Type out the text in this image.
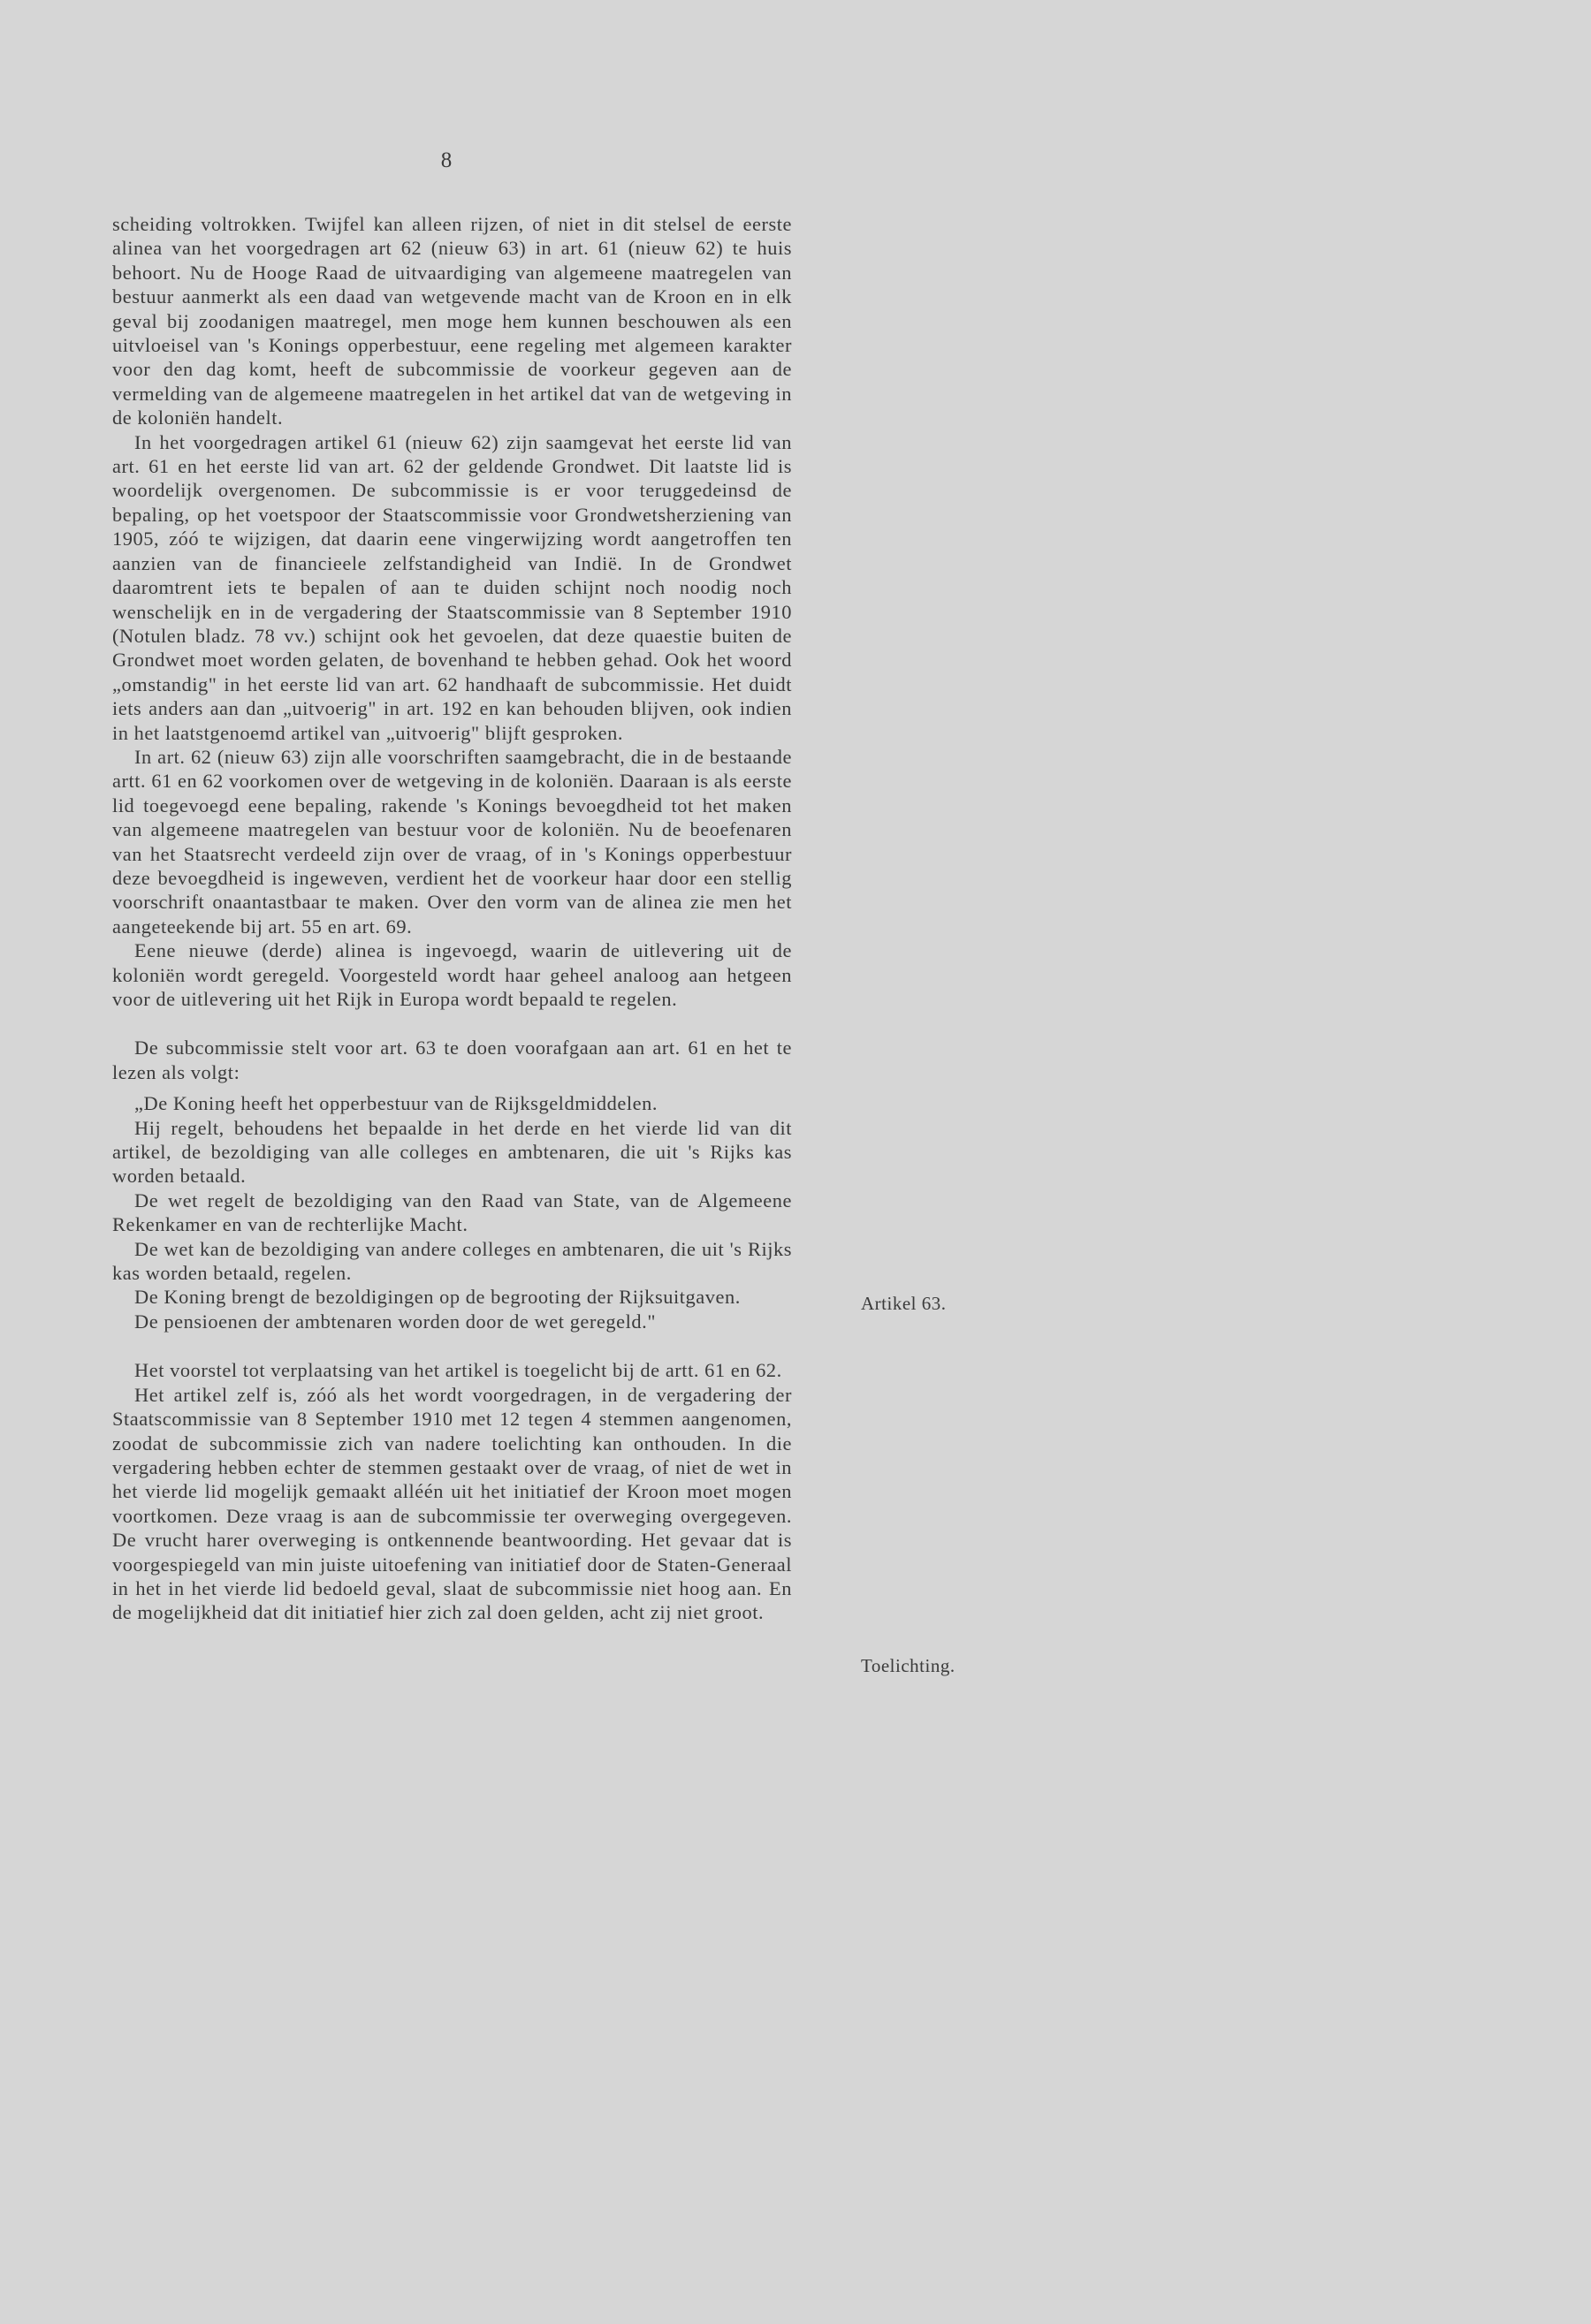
8

scheiding voltrokken. Twijfel kan alleen rijzen, of niet in dit stelsel de eerste alinea van het voorgedragen art 62 (nieuw 63) in art. 61 (nieuw 62) te huis behoort. Nu de Hooge Raad de uitvaardiging van algemeene maatregelen van bestuur aanmerkt als een daad van wetgevende macht van de Kroon en in elk geval bij zoodanigen maatregel, men moge hem kunnen beschouwen als een uitvloeisel van 's Konings opperbestuur, eene regeling met algemeen karakter voor den dag komt, heeft de subcommissie de voorkeur gegeven aan de vermelding van de algemeene maatregelen in het artikel dat van de wetgeving in de koloniën handelt.

In het voorgedragen artikel 61 (nieuw 62) zijn saamgevat het eerste lid van art. 61 en het eerste lid van art. 62 der geldende Grondwet. Dit laatste lid is woordelijk overgenomen. De subcommissie is er voor teruggedeinsd de bepaling, op het voetspoor der Staatscommissie voor Grondwetsherziening van 1905, zóó te wijzigen, dat daarin eene vingerwijzing wordt aangetroffen ten aanzien van de financieele zelfstandigheid van Indië. In de Grondwet daaromtrent iets te bepalen of aan te duiden schijnt noch noodig noch wenschelijk en in de vergadering der Staatscommissie van 8 September 1910 (Notulen bladz. 78 vv.) schijnt ook het gevoelen, dat deze quaestie buiten de Grondwet moet worden gelaten, de bovenhand te hebben gehad. Ook het woord „omstandig" in het eerste lid van art. 62 handhaaft de subcommissie. Het duidt iets anders aan dan „uitvoerig" in art. 192 en kan behouden blijven, ook indien in het laatstgenoemd artikel van „uitvoerig" blijft gesproken.

In art. 62 (nieuw 63) zijn alle voorschriften saamgebracht, die in de bestaande artt. 61 en 62 voorkomen over de wetgeving in de koloniën. Daaraan is als eerste lid toegevoegd eene bepaling, rakende 's Konings bevoegdheid tot het maken van algemeene maatregelen van bestuur voor de koloniën. Nu de beoefenaren van het Staatsrecht verdeeld zijn over de vraag, of in 's Konings opperbestuur deze bevoegdheid is ingeweven, verdient het de voorkeur haar door een stellig voorschrift onaantastbaar te maken. Over den vorm van de alinea zie men het aangeteekende bij art. 55 en art. 69.

Eene nieuwe (derde) alinea is ingevoegd, waarin de uitlevering uit de koloniën wordt geregeld. Voorgesteld wordt haar geheel analoog aan hetgeen voor de uitlevering uit het Rijk in Europa wordt bepaald te regelen.

De subcommissie stelt voor art. 63 te doen voorafgaan aan art. 61 en het te lezen als volgt:

„De Koning heeft het opperbestuur van de Rijksgeldmiddelen.

Hij regelt, behoudens het bepaalde in het derde en het vierde lid van dit artikel, de bezoldiging van alle colleges en ambtenaren, die uit 's Rijks kas worden betaald.

De wet regelt de bezoldiging van den Raad van State, van de Algemeene Rekenkamer en van de rechterlijke Macht.

De wet kan de bezoldiging van andere colleges en ambtenaren, die uit 's Rijks kas worden betaald, regelen.

De Koning brengt de bezoldigingen op de begrooting der Rijksuitgaven.

De pensioenen der ambtenaren worden door de wet geregeld."

Het voorstel tot verplaatsing van het artikel is toegelicht bij de artt. 61 en 62.

Het artikel zelf is, zóó als het wordt voorgedragen, in de vergadering der Staatscommissie van 8 September 1910 met 12 tegen 4 stemmen aangenomen, zoodat de subcommissie zich van nadere toelichting kan onthouden. In die vergadering hebben echter de stemmen gestaakt over de vraag, of niet de wet in het vierde lid mogelijk gemaakt alléén uit het initiatief der Kroon moet mogen voortkomen. Deze vraag is aan de subcommissie ter overweging overgegeven. De vrucht harer overweging is ontkennende beantwoording. Het gevaar dat is voorgespiegeld van min juiste uitoefening van initiatief door de Staten-Generaal in het in het vierde lid bedoeld geval, slaat de subcommissie niet hoog aan. En de mogelijkheid dat dit initiatief hier zich zal doen gelden, acht zij niet groot.

Artikel 63.
Toelichting.
